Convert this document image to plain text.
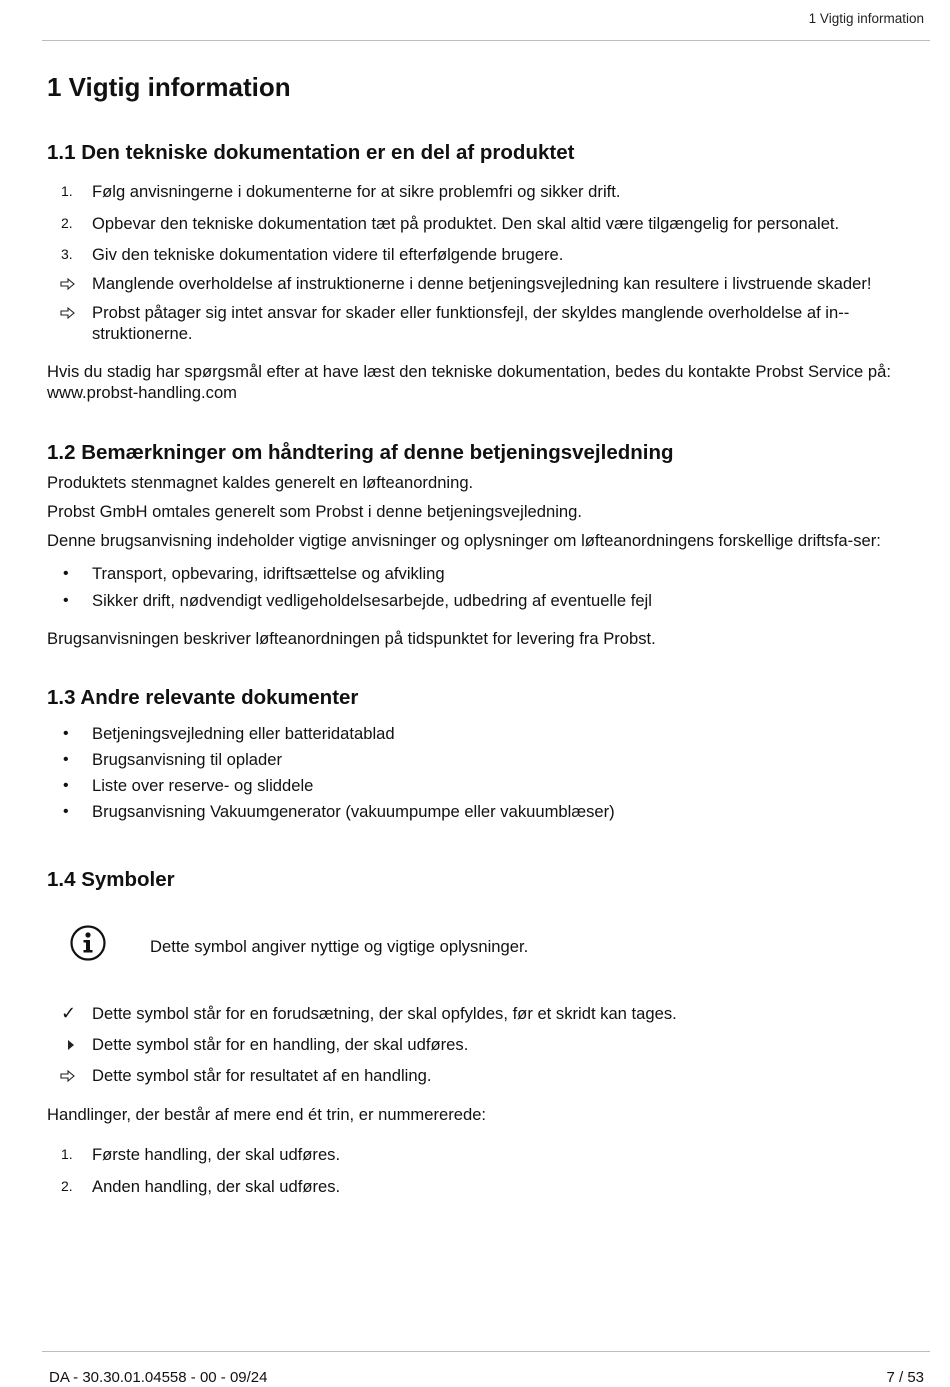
1 Vigtig information
1 Vigtig information
1.1 Den tekniske dokumentation er en del af produktet
1.	Følg anvisningerne i dokumenterne for at sikre problemfri og sikker drift.
2.	Opbevar den tekniske dokumentation tæt på produktet. Den skal altid være tilgængelig for personalet.
3.	Giv den tekniske dokumentation videre til efterfølgende brugere.
Manglende overholdelse af instruktionerne i denne betjeningsvejledning kan resultere i livstruende skader!
Probst påtager sig intet ansvar for skader eller funktionsfejl, der skyldes manglende overholdelse af in-struktionerne.

Hvis du stadig har spørgsmål efter at have læst den tekniske dokumentation, bedes du kontakte Probst Service på: www.probst-handling.com

1.2 Bemærkninger om håndtering af denne betjeningsvejledning

Produktets stenmagnet kaldes generelt en løfteanordning.

Probst GmbH omtales generelt som Probst i denne betjeningsvejledning.

Denne brugsanvisning indeholder vigtige anvisninger og oplysninger om løfteanordningens forskellige driftsfa-ser:

•	Transport, opbevaring, idriftsættelse og afvikling
•	Sikker drift, nødvendigt vedligeholdelsesarbejde, udbedring af eventuelle fejl

Brugsanvisningen beskriver løfteanordningen på tidspunktet for levering fra Probst.

1.3 Andre relevante dokumenter
•	Betjeningsvejledning eller batteridatablad
•	Brugsanvisning til oplader
•	Liste over reserve- og sliddele
•	Brugsanvisning Vakuumgenerator (vakuumpumpe eller vakuumblæser)
1.4 Symboler
Dette symbol angiver nyttige og vigtige oplysninger.
✓ Dette symbol står for en forudsætning, der skal opfyldes, før et skridt kan tages.
Dette symbol står for en handling, der skal udføres.
Dette symbol står for resultatet af en handling.

Handlinger, der består af mere end ét trin, er nummererede:

1.	Første handling, der skal udføres.
2.	Anden handling, der skal udføres.
DA - 30.30.01.04558 - 00 - 09/24	7 / 53
